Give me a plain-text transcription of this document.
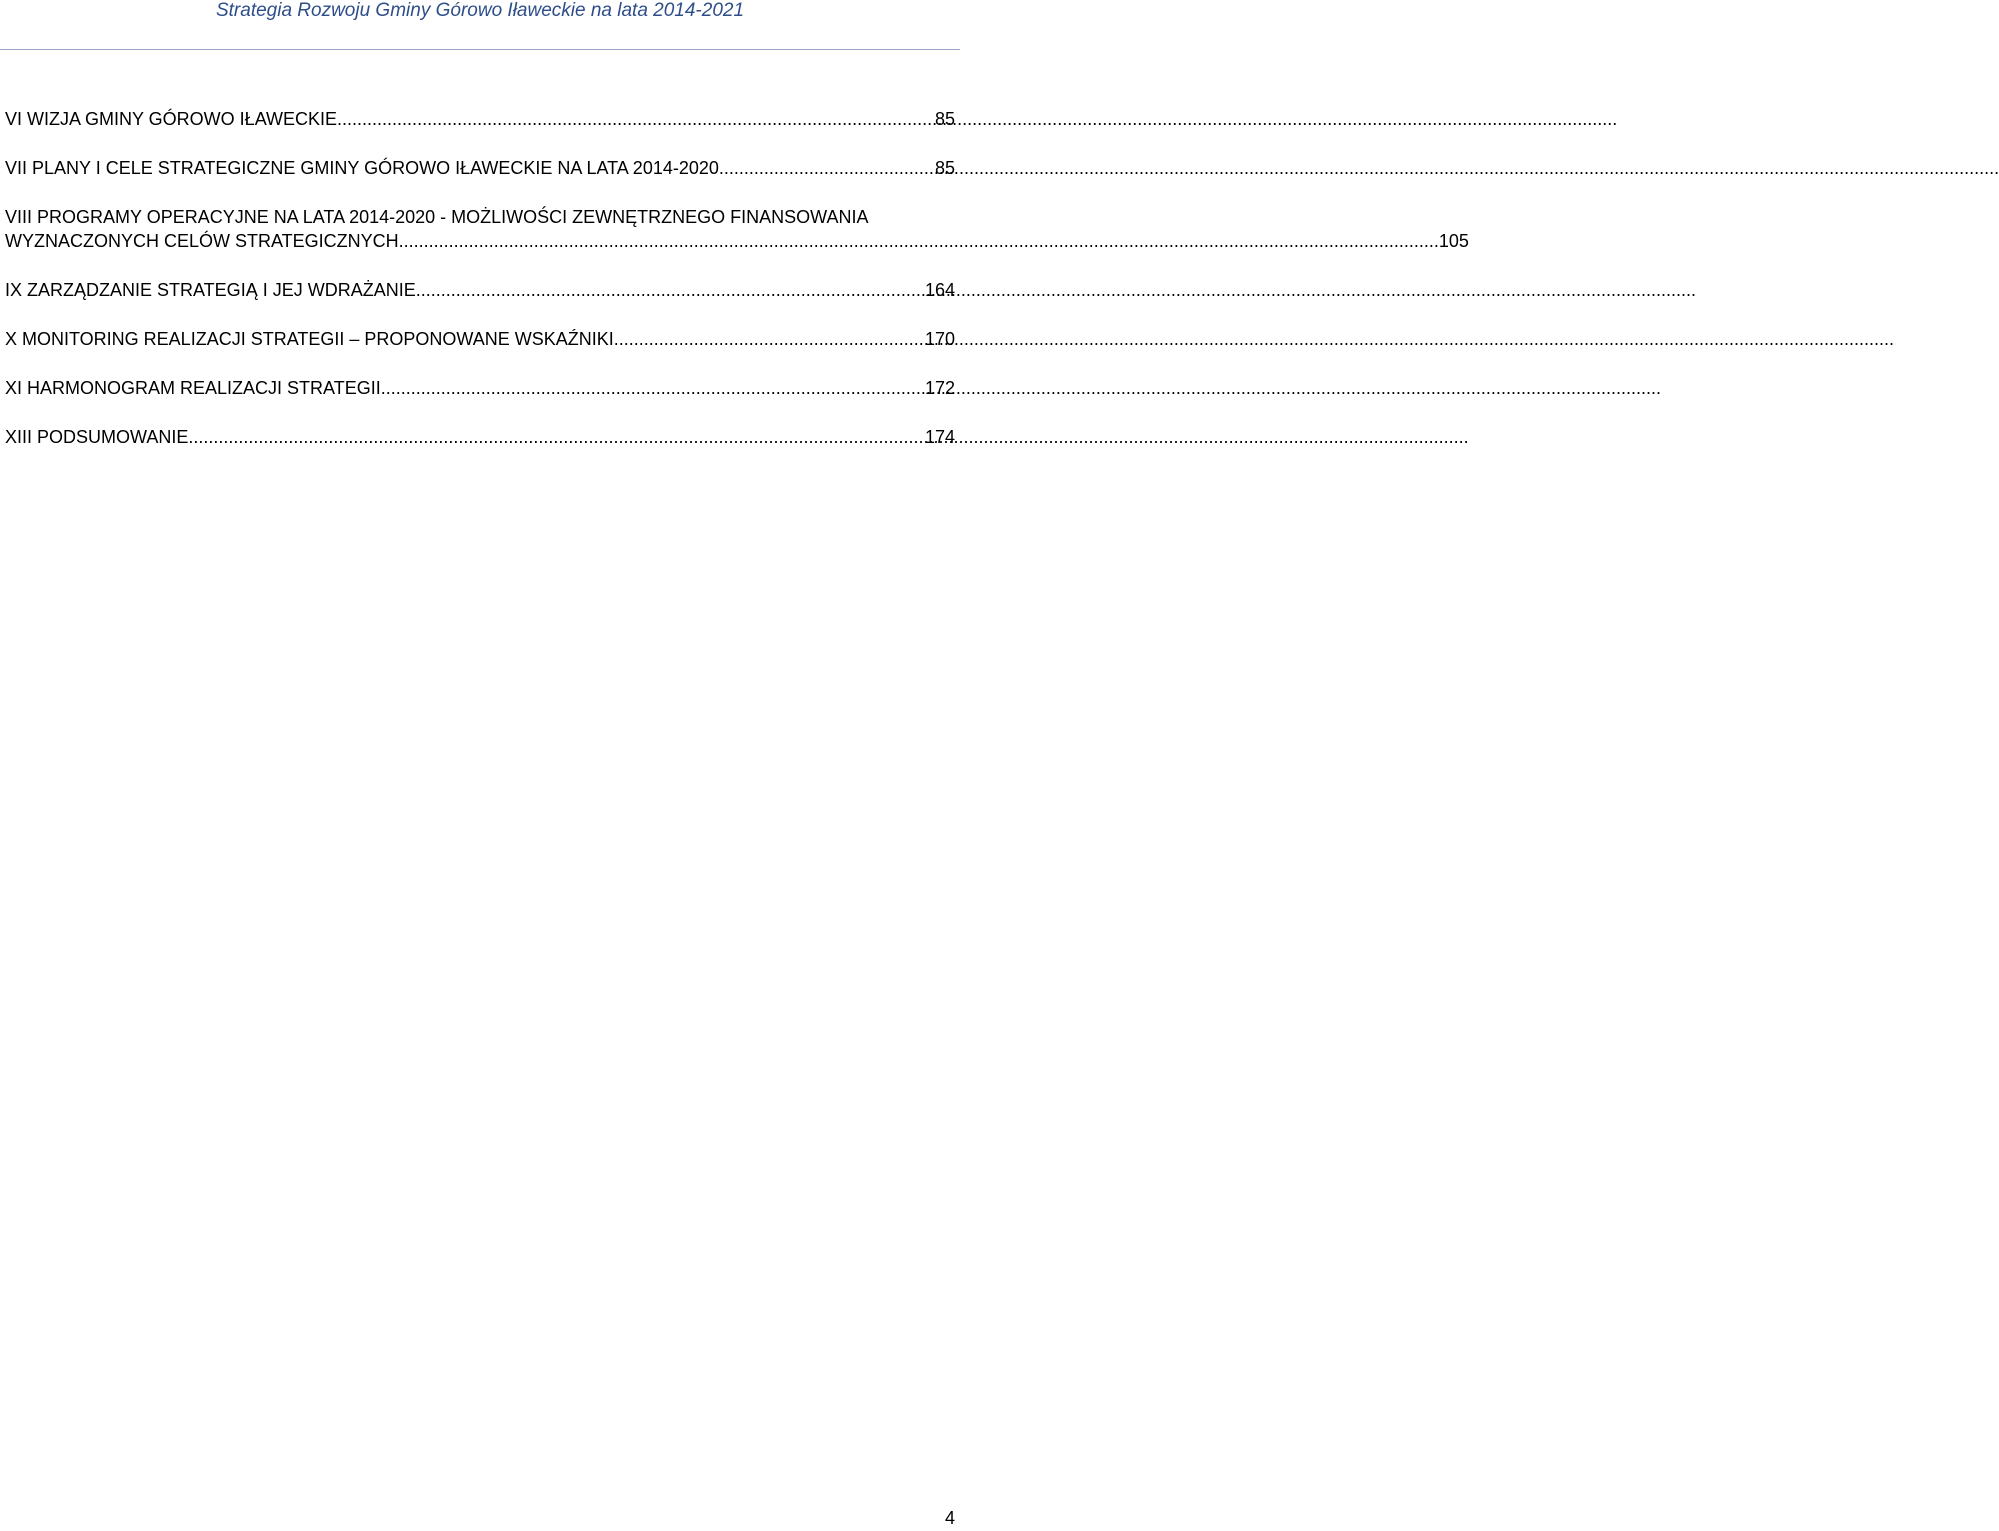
Strategia Rozwoju Gminy Górowo Iławeckie na lata 2014-2021
VI WIZJA GMINY GÓROWO IŁAWECKIE .....	85
VII PLANY I CELE STRATEGICZNE GMINY GÓROWO IŁAWECKIE NA LATA 2014-2020 .....	85
VIII PROGRAMY OPERACYJNE NA LATA 2014-2020 - MOŻLIWOŚCI ZEWNĘTRZNEGO FINANSOWANIA
WYZNACZONYCH CELÓW STRATEGICZNYCH ................................................................................................................................................................................................................ 105
IX ZARZĄDZANIE STRATEGIĄ I JEJ WDRAŻANIE .....	164
X MONITORING REALIZACJI STRATEGII – PROPONOWANE WSKAŹNIKI .....	170
XI HARMONOGRAM REALIZACJI STRATEGII .....	172
XIII PODSUMOWANIE .....	174
4
